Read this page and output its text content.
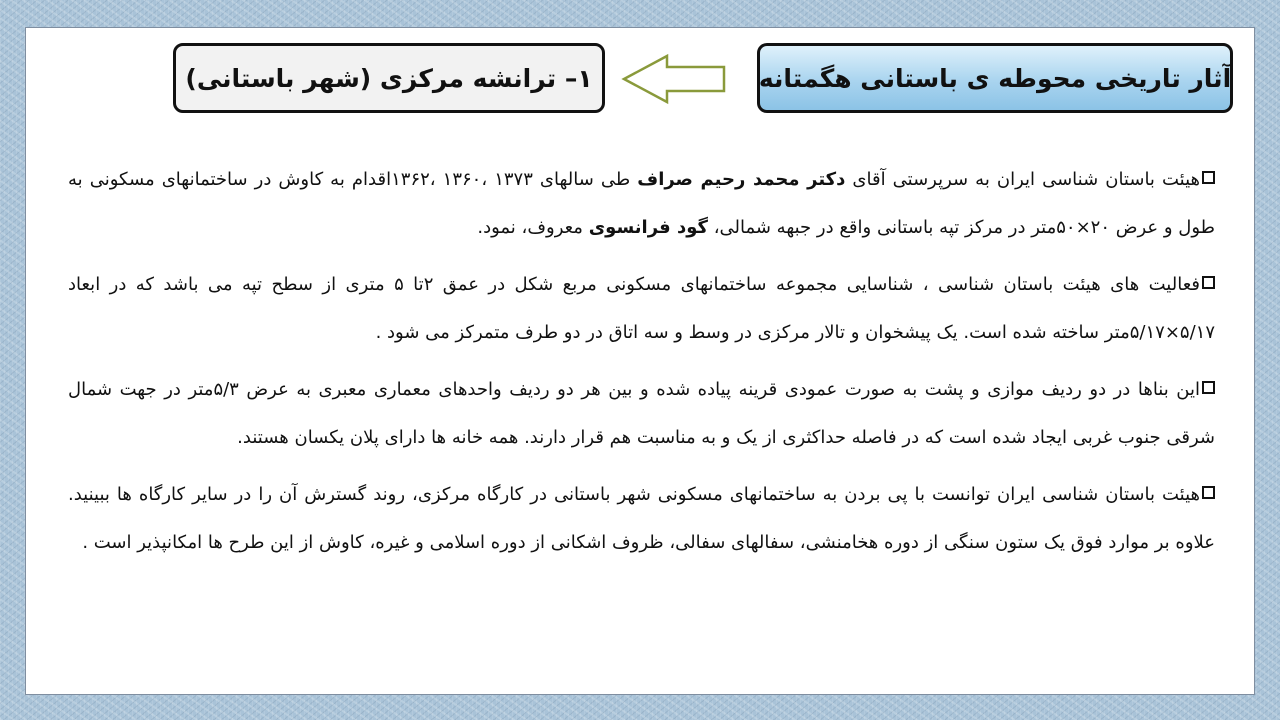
آثار تاریخی محوطه ی باستانی هگمتانه
۱– ترانشه مرکزی (شهر باستانی)

هیئت باستان شناسی ایران به سرپرستی آقای دکتر محمد رحیم صراف طی سالهای ۱۳۷۳ ،۱۳۶۰ ،۱۳۶۲اقدام به کاوش در ساختمانهای مسکونی به طول و عرض ۲۰×۵۰متر در مرکز تپه باستانی واقع در جبهه شمالی، گود فرانسوی معروف، نمود.

فعالیت های هیئت باستان شناسی ، شناسایی مجموعه ساختمانهای مسکونی مربع شکل در عمق ۲تا ۵ متری از سطح تپه می باشد که در ابعاد ۵/۱۷×۵/۱۷متر ساخته شده است. یک پیشخوان و تالار مرکزی در وسط و سه اتاق در دو طرف متمرکز می شود .

این بناها در دو ردیف موازی و پشت به صورت عمودی قرینه پیاده شده و بین هر دو ردیف واحدهای معماری معبری به عرض ۵/۳متر در جهت شمال شرقی جنوب غربی ایجاد شده است که در فاصله حداکثری از یک و به مناسبت هم قرار دارند. همه خانه ها دارای پلان یکسان هستند.

هیئت باستان شناسی ایران توانست با پی بردن به ساختمانهای مسکونی شهر باستانی در کارگاه مرکزی، روند گسترش آن را در سایر کارگاه ها ببینید. علاوه بر موارد فوق یک ستون سنگی از دوره هخامنشی، سفالهای سفالی، ظروف اشکانی از دوره اسلامی و غیره، کاوش از این طرح ها امکانپذیر است .
